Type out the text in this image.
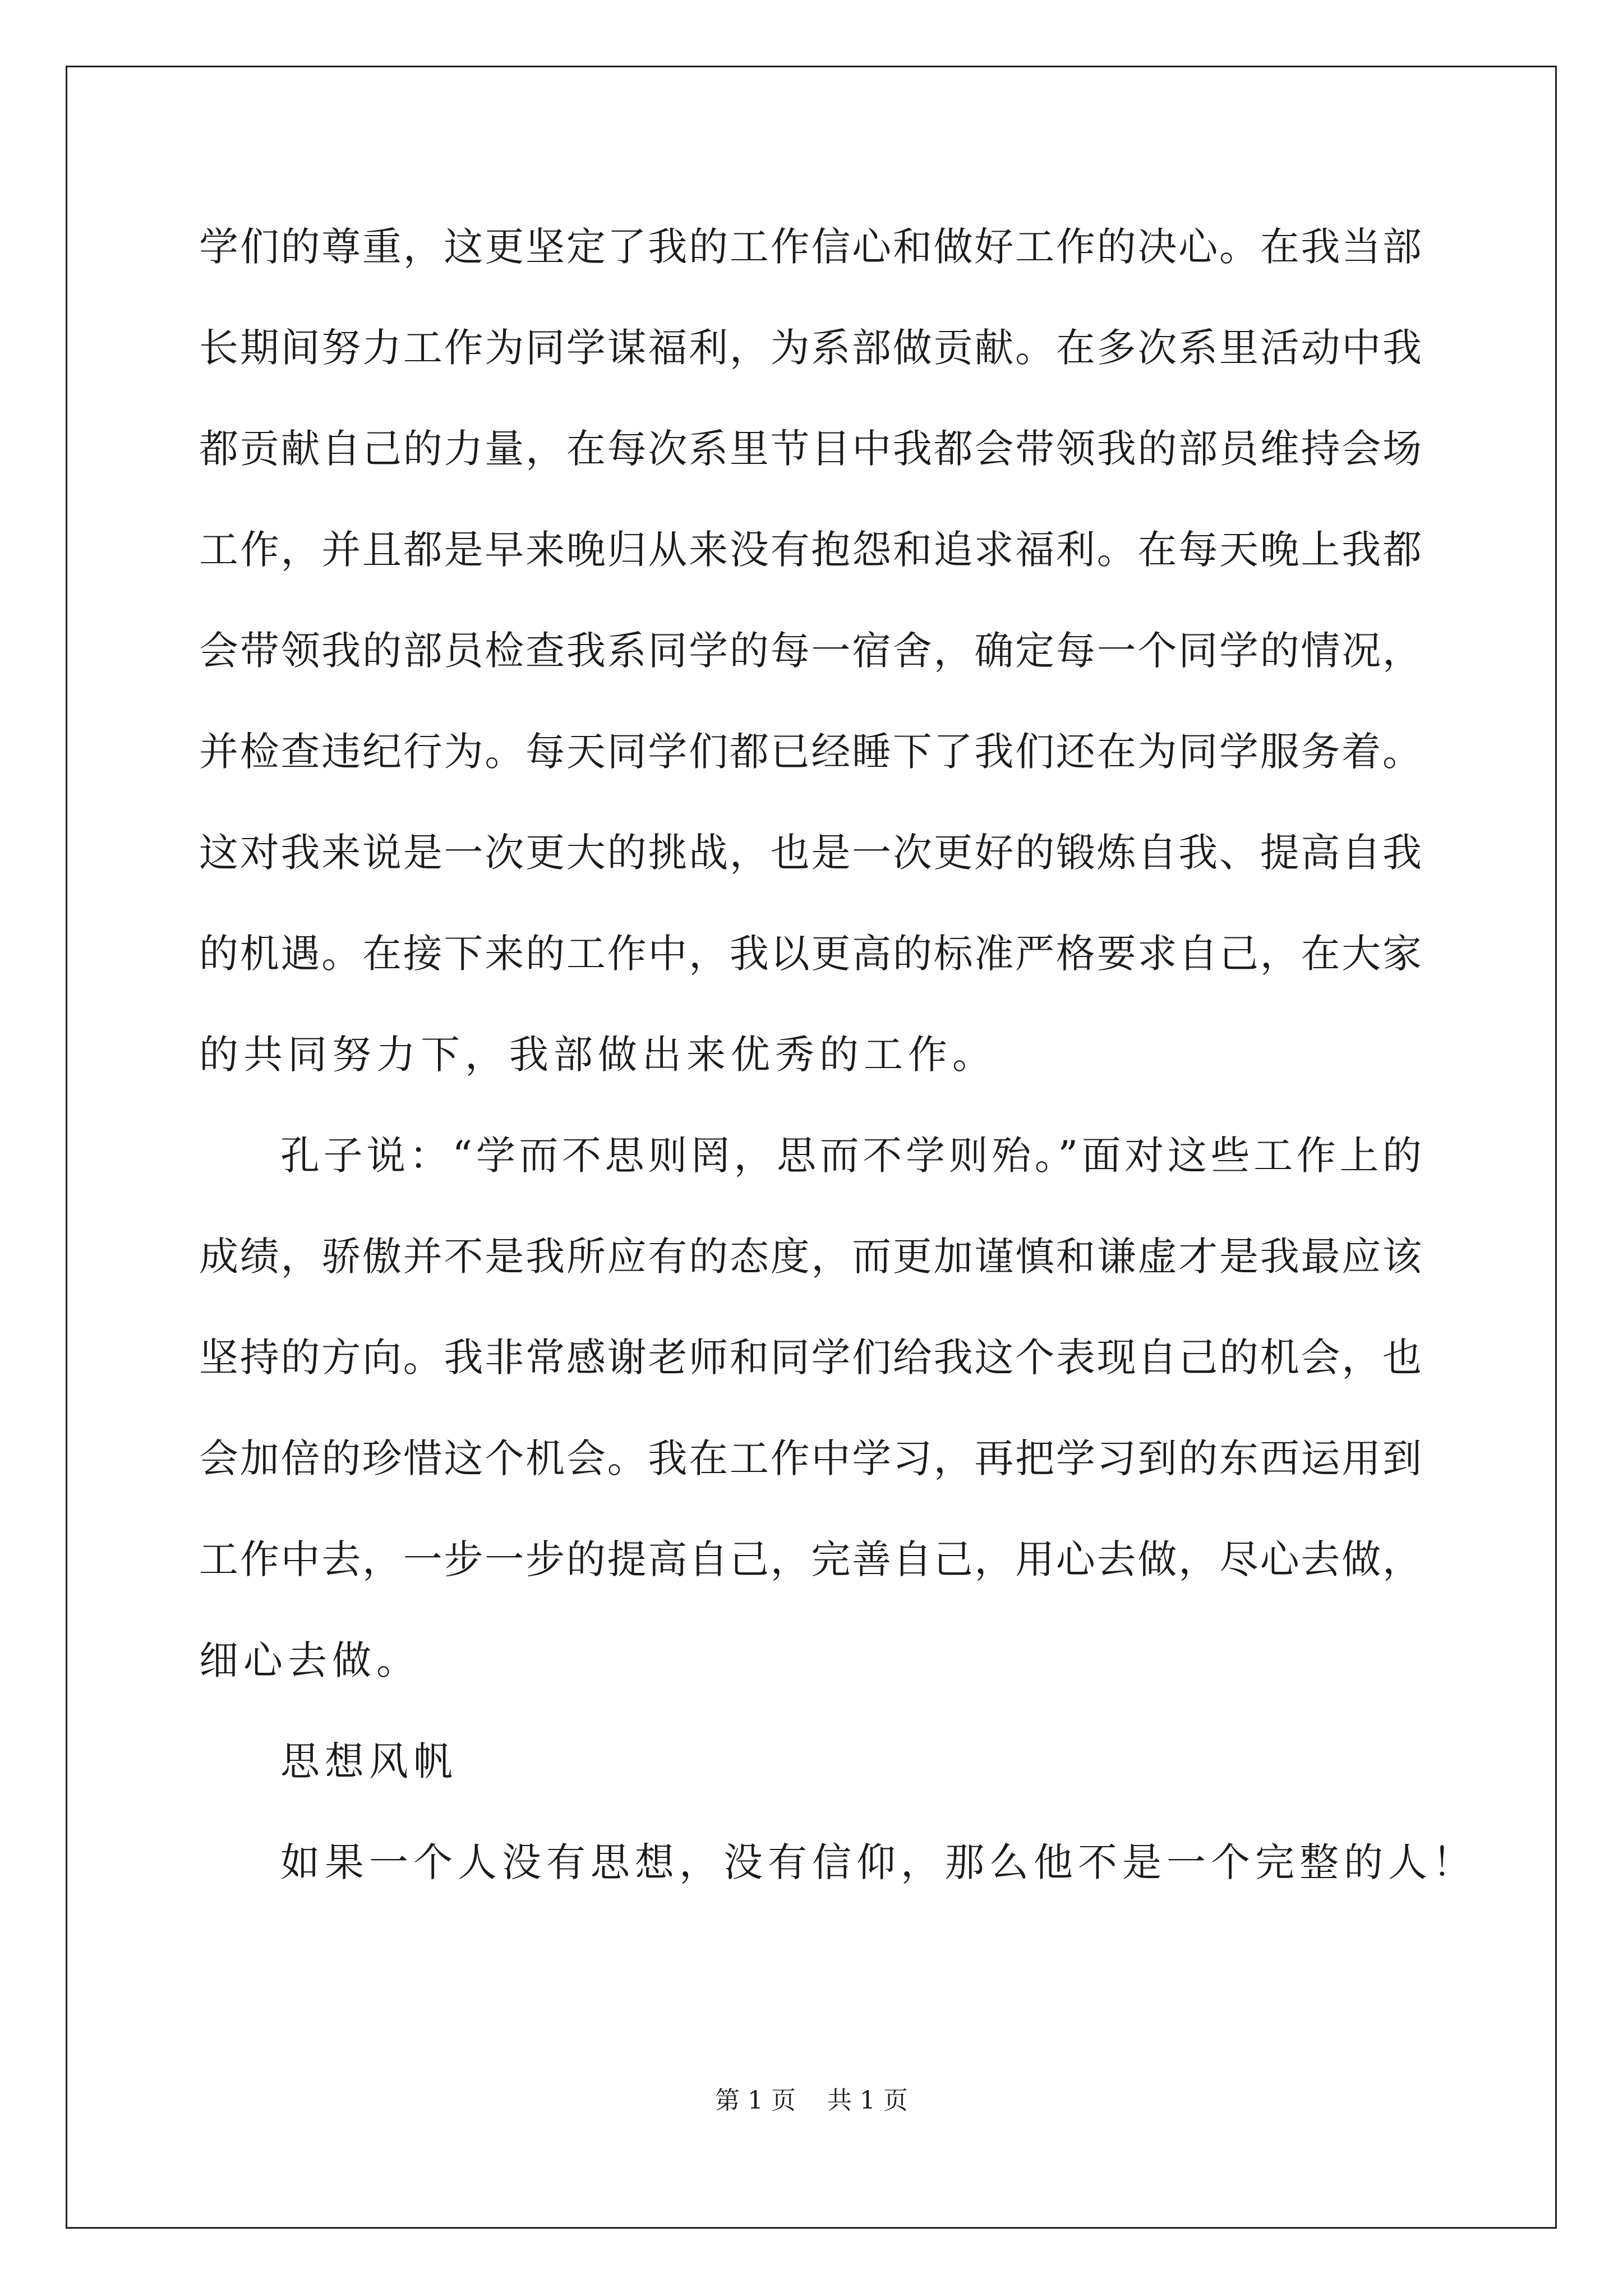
学们的尊重，这更坚定了我的工作信心和做好工作的决心。在我当部
长期间努力工作为同学谋福利，为系部做贡献。在多次系里活动中我
都贡献自己的力量，在每次系里节目中我都会带领我的部员维持会场
工作，并且都是早来晚归从来没有抱怨和追求福利。在每天晚上我都
会带领我的部员检查我系同学的每一宿舍，确定每一个同学的情况，
并检查违纪行为。每天同学们都已经睡下了我们还在为同学服务着。
这对我来说是一次更大的挑战，也是一次更好的锻炼自我、提高自我
的机遇。在接下来的工作中，我以更高的标准严格要求自己，在大家
的共同努力下，我部做出来优秀的工作。
孔子说：“学而不思则罔，思而不学则殆。”面对这些工作上的
成绩，骄傲并不是我所应有的态度，而更加谨慎和谦虚才是我最应该
坚持的方向。我非常感谢老师和同学们给我这个表现自己的机会，也
会加倍的珍惜这个机会。我在工作中学习，再把学习到的东西运用到
工作中去，一步一步的提高自己，完善自己，用心去做，尽心去做，
细心去做。
思想风帆
如果一个人没有思想，没有信仰，那么他不是一个完整的人！
第 1 页 共 1 页
